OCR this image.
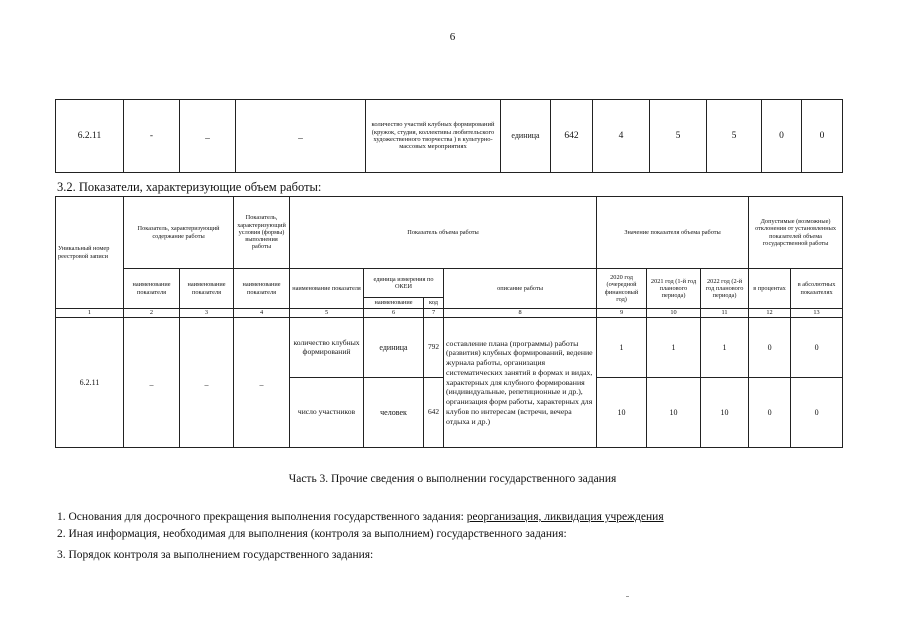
6
6.2.11	-	_	_	количество участий клубных формирований (кружок, студия, коллективы любительского художественного творчества ) в культурно-массовых мероприятиях	единица	642	4	5	5	0	0
3.2. Показатели, характеризующие объем работы:
Уникальный номер реестровой записи	Показатель, характеризующий содержание работы		Показатель, характеризующий условия (формы) выполнения работы	Показатель объема работы				Значение показателя объема работы			Допустимые (возможные) отклонения от установленных показателей объема государственной работы	
	наименование показателя	наименование показателя	наименование показателя	наименование показателя	единица измерения по ОКЕИ		описание работы	2020 год (очередной финансовый год)	2021 год (1-й год планового периода)	2022 год (2-й год планового периода)	в процентах	в абсолютных показателях
					наименование	код						
1	2	3	4	5	6	7	8	9	10	11	12	13
6.2.11	_	_	_	количество клубных формирований	единица	792	составление плана (программы) работы (развития) клубных формирований, ведение журнала работы, организация систематических занятий в формах и видах, характерных для клубного формирования (индивидуальные, репетиционные и др.), организация форм работы, характерных для клубов по интересам (встречи, вечера отдыха и др.)	1	1	1	0	0
				число участников	человек	642		10	10	10	0	0
Часть 3. Прочие сведения о выполнении государственного задания
1. Основания для досрочного прекращения выполнения государственного задания: реорганизация, ликвидация учреждения
2. Иная информация, необходимая для выполнения (контроля за выполнием) государственного задания:
3. Порядок контроля за выполнением государственного задания:
